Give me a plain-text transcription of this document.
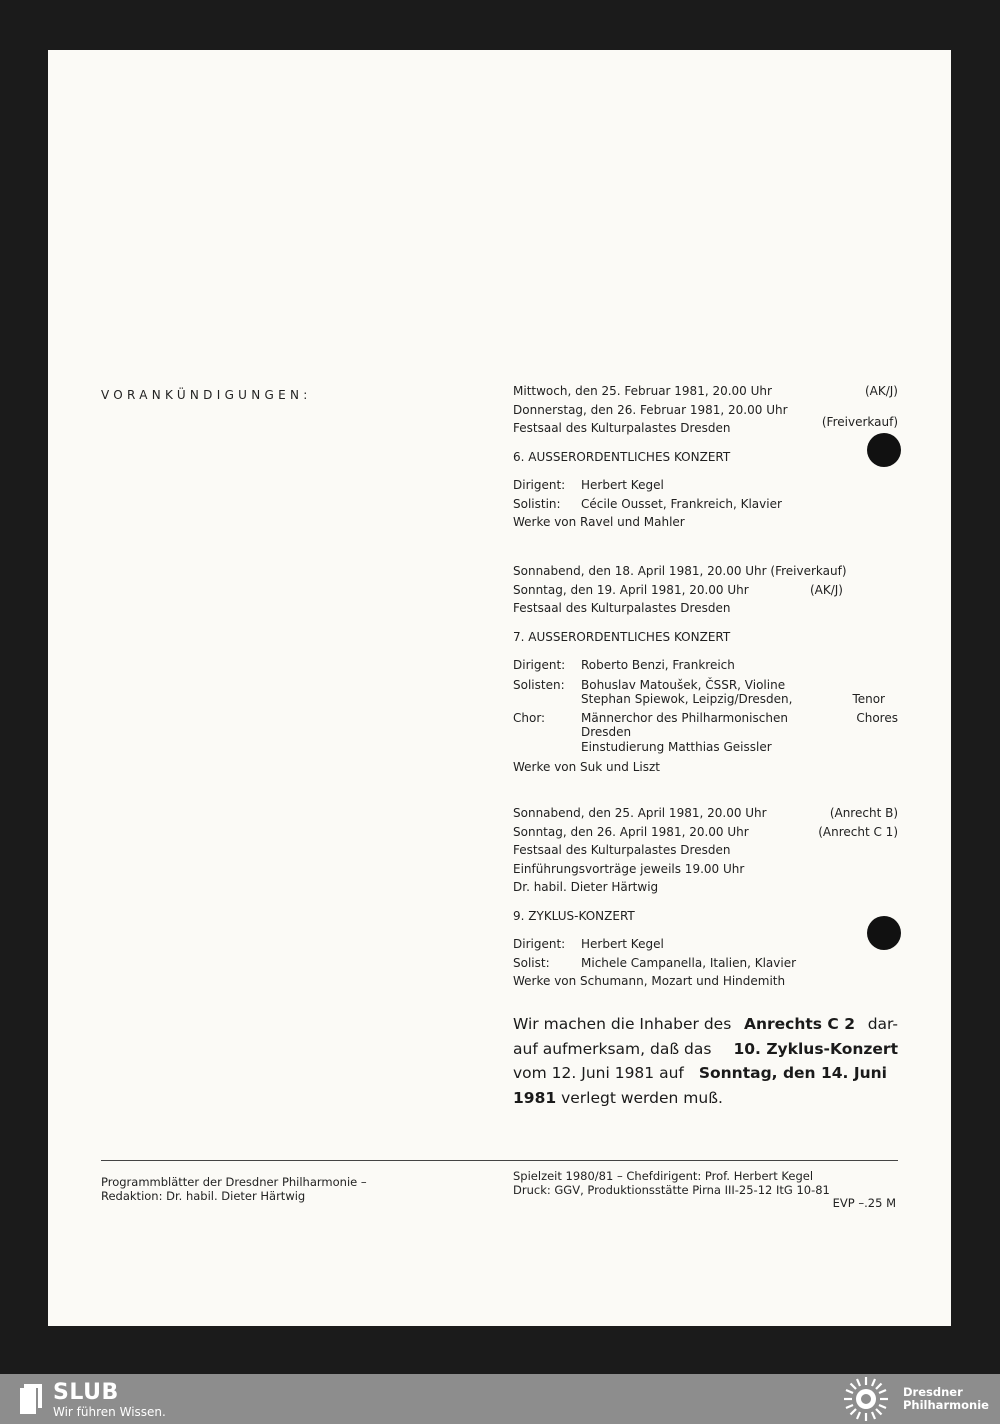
VORANKÜNDIGUNGEN:	Mittwoch, den 25. Februar 1981, 20.00 Uhr	(AK/J)
Donnerstag, den 26. Februar 1981, 20.00 Uhr
Festsaal des Kulturpalastes Dresden	(Freiverkauf)
6. AUSSERORDENTLICHES KONZERT
Dirigent:	Herbert Kegel
Solistin:	Cécile Ousset, Frankreich, Klavier
Werke von Ravel und Mahler
Sonnabend, den 18. April 1981, 20.00 Uhr (Freiverkauf)
Sonntag, den 19. April 1981, 20.00 Uhr	(AK/J)
Festsaal des Kulturpalastes Dresden
7. AUSSERORDENTLICHES KONZERT
Dirigent:	Roberto Benzi, Frankreich
Solisten:	Bohuslav Matoušek, ČSSR, Violine
Stephan Spiewok, Leipzig/Dresden,	Tenor
Chor:	Männerchor des Philharmonischen	Chores
Dresden
Einstudierung Matthias Geissler
Werke von Suk und Liszt
Sonnabend, den 25. April 1981, 20.00 Uhr	(Anrecht B)
Sonntag, den 26. April 1981, 20.00 Uhr	(Anrecht C 1)
Festsaal des Kulturpalastes Dresden
Einführungsvorträge jeweils 19.00 Uhr
Dr. habil. Dieter Härtwig
9. ZYKLUS-KONZERT
Dirigent:	Herbert Kegel
Solist:	Michele Campanella, Italien, Klavier
Werke von Schumann, Mozart und Hindemith
Wir machen die Inhaber des Anrechts C 2 dar-
auf aufmerksam, daß das 10. Zyklus-Konzert
vom 12. Juni 1981 auf Sonntag, den 14. Juni
1981 verlegt werden muß.
Programmblätter der Dresdner Philharmonie –
Redaktion: Dr. habil. Dieter Härtwig
Spielzeit 1980/81 – Chefdirigent: Prof. Herbert Kegel
Druck: GGV, Produktionsstätte Pirna III-25-12 ItG 10-81
EVP –.25 M
SLUB
Wir führen Wissen.
Dresdner
Philharmonie
